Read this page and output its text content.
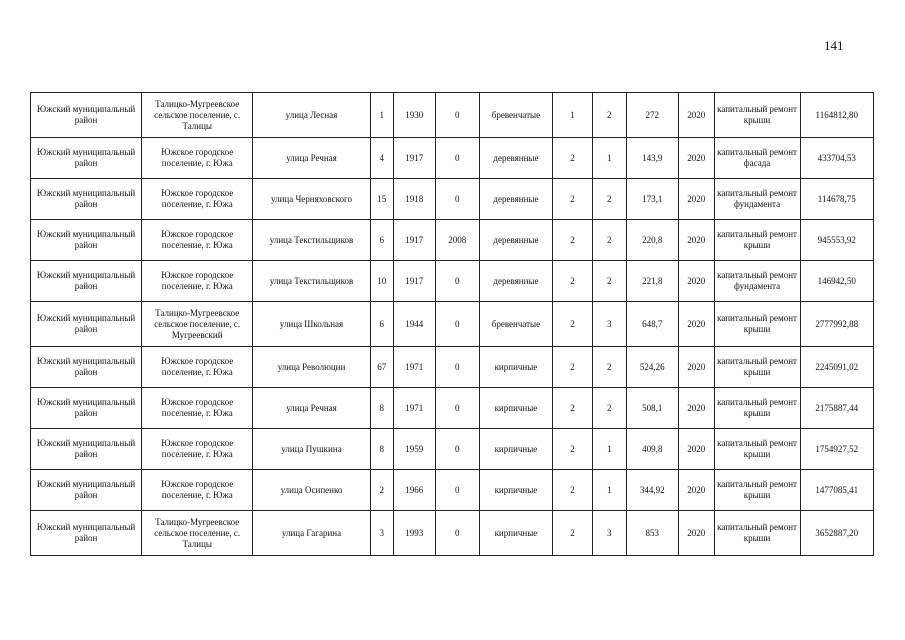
141
Южский муниципальный район	Талицко-Мугреевское сельское поселение, с. Талицы	улица Лесная	1	1930	0	бревенчатые	1	2	272	2020	капитальный ремонт крыши	1164812,80
Южский муниципальный район	Южское городское поселение, г. Южа	улица Речная	4	1917	0	деревянные	2	1	143,9	2020	капитальный ремонт фасада	433704,53
Южский муниципальный район	Южское городское поселение, г. Южа	улица Черняховского	15	1918	0	деревянные	2	2	173,1	2020	капитальный ремонт фундамента	114678,75
Южский муниципальный район	Южское городское поселение, г. Южа	улица Текстильщиков	6	1917	2008	деревянные	2	2	220,8	2020	капитальный ремонт крыши	945553,92
Южский муниципальный район	Южское городское поселение, г. Южа	улица Текстильщиков	10	1917	0	деревянные	2	2	221,8	2020	капитальный ремонт фундамента	146942,50
Южский муниципальный район	Талицко-Мугреевское сельское поселение, с. Мугреевский	улица Школьная	6	1944	0	бревенчатые	2	3	648,7	2020	капитальный ремонт крыши	2777992,88
Южский муниципальный район	Южское городское поселение, г. Южа	улица Революции	67	1971	0	кирпичные	2	2	524,26	2020	капитальный ремонт крыши	2245091,02
Южский муниципальный район	Южское городское поселение, г. Южа	улица Речная	8	1971	0	кирпичные	2	2	508,1	2020	капитальный ремонт крыши	2175887,44
Южский муниципальный район	Южское городское поселение, г. Южа	улица Пушкина	8	1959	0	кирпичные	2	1	409,8	2020	капитальный ремонт крыши	1754927,52
Южский муниципальный район	Южское городское поселение, г. Южа	улица Осипенко	2	1966	0	кирпичные	2	1	344,92	2020	капитальный ремонт крыши	1477085,41
Южский муниципальный район	Талицко-Мугреевское сельское поселение, с. Талицы	улица Гагарина	3	1993	0	кирпичные	2	3	853	2020	капитальный ремонт крыши	3652887,20
